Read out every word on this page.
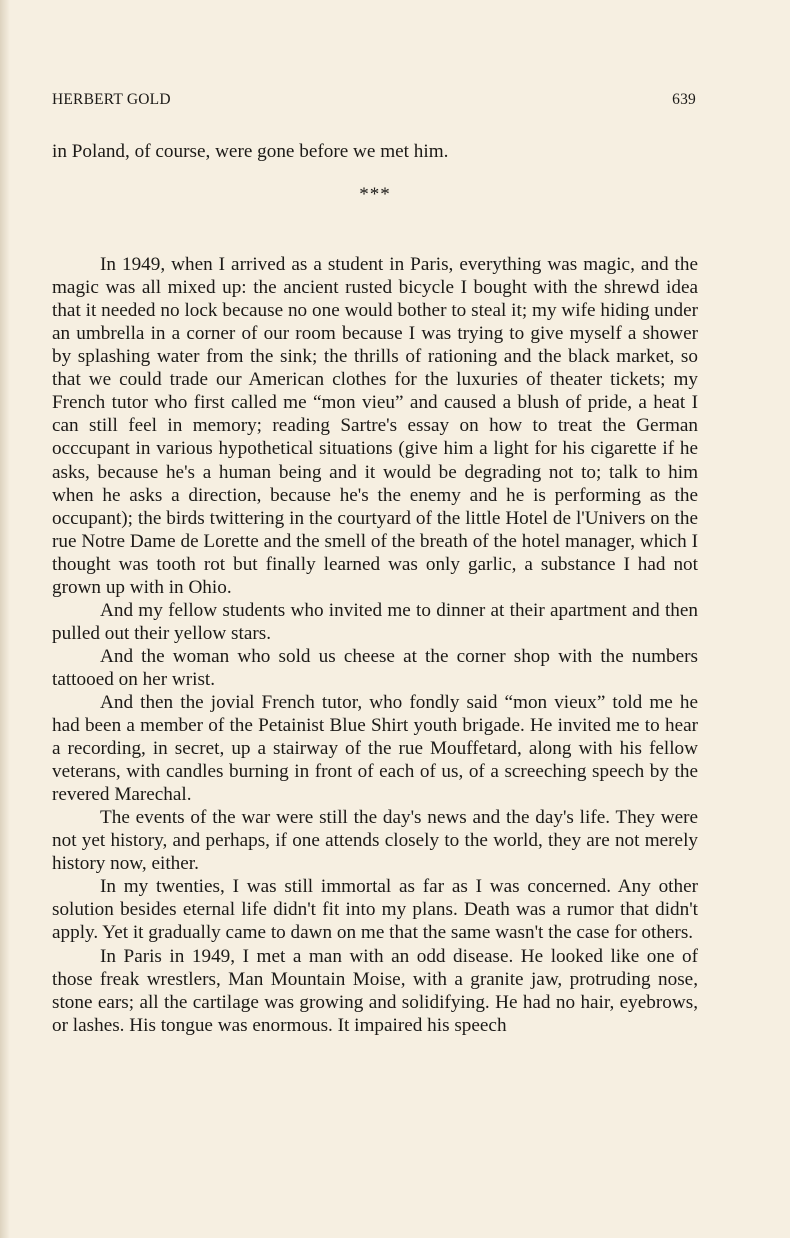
HERBERT GOLD	639

in Poland, of course, were gone before we met him.

***

In 1949, when I arrived as a student in Paris, everything was magic, and the magic was all mixed up: the ancient rusted bicycle I bought with the shrewd idea that it needed no lock because no one would bother to steal it; my wife hiding under an umbrella in a corner of our room because I was trying to give myself a shower by splashing water from the sink; the thrills of rationing and the black market, so that we could trade our American clothes for the luxuries of theater tickets; my French tutor who first called me “mon vieu” and caused a blush of pride, a heat I can still feel in memory; reading Sartre's essay on how to treat the German occcupant in various hypothetical situations (give him a light for his cigarette if he asks, because he's a human being and it would be degrading not to; talk to him when he asks a direction, because he's the enemy and he is performing as the occupant); the birds twittering in the courtyard of the little Hotel de l'Univers on the rue Notre Dame de Lorette and the smell of the breath of the hotel manager, which I thought was tooth rot but finally learned was only garlic, a substance I had not grown up with in Ohio.

And my fellow students who invited me to dinner at their apartment and then pulled out their yellow stars.

And the woman who sold us cheese at the corner shop with the numbers tattooed on her wrist.

And then the jovial French tutor, who fondly said “mon vieux” told me he had been a member of the Petainist Blue Shirt youth brigade. He invited me to hear a recording, in secret, up a stairway of the rue Mouffetard, along with his fellow veterans, with candles burning in front of each of us, of a screeching speech by the revered Marechal.

The events of the war were still the day's news and the day's life. They were not yet history, and perhaps, if one attends closely to the world, they are not merely history now, either.

In my twenties, I was still immortal as far as I was concerned. Any other solution besides eternal life didn't fit into my plans. Death was a rumor that didn't apply. Yet it gradually came to dawn on me that the same wasn't the case for others.

In Paris in 1949, I met a man with an odd disease. He looked like one of those freak wrestlers, Man Mountain Moise, with a granite jaw, protruding nose, stone ears; all the cartilage was growing and solidifying. He had no hair, eyebrows, or lashes. His tongue was enormous. It impaired his speech
